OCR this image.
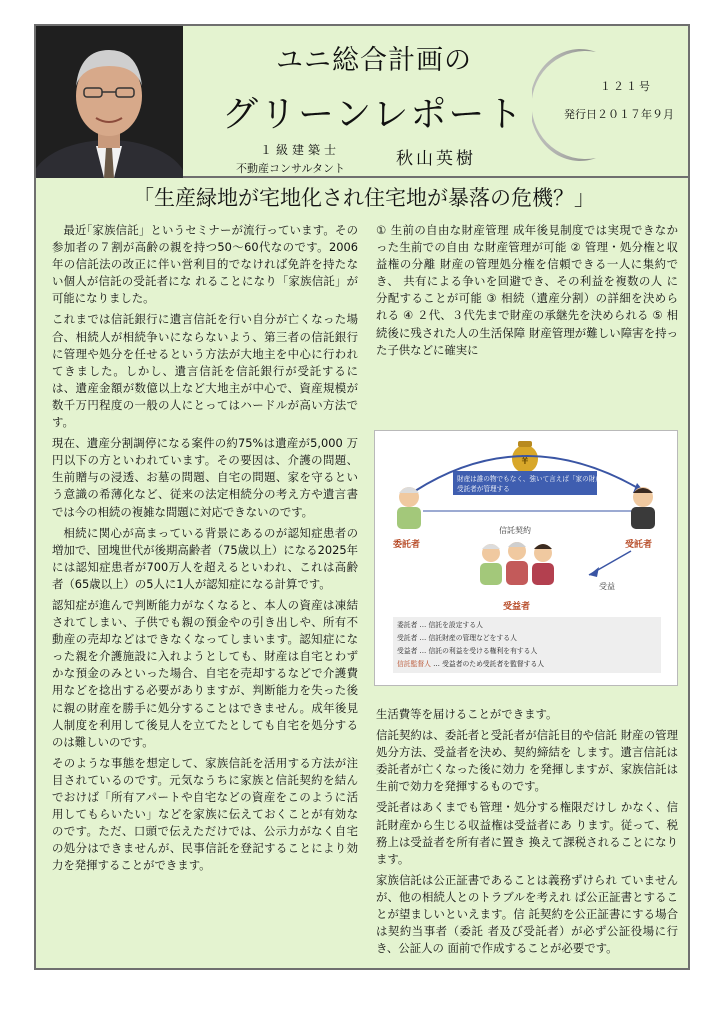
ユニ総合計画の
グリーンレポート
１級建築士
不動産コンサルタント	秋山英樹
１２１号
発行日２０１７年９月
「生産緑地が宅地化され住宅地が暴落の危機？」

最近｢家族信託」というセミナーが流行っています。その参加者の７割が高齢の親を持つ50～60代なのです。2006年の信託法の改正に伴い営利目的でなければ免許を持たない個人が信託の受託者にな れることになり「家族信託」が可能になりました。

これまでは信託銀行に遺言信託を行い自分が亡くなった場合、相続人が相続争いにならないよう、第三者の信託銀行に管理や処分を任せるという方法が大地主を中心に行われてきました。しかし、遺言信託を信託銀行が受託するには、遺産金額が数億以上など大地主が中心で、資産規模が数千万円程度の一般の人にとってはハードルが高い方法です。

現在、遺産分割調停になる案件の約75%は遺産が5,000 万円以下の方といわれています。その要因は、介護の問題、生前贈与の浸透、お墓の問題、自宅の問題、家を守るという意識の希薄化など、従来の法定相続分の考え方や遺言書では今の相続の複雑な問題に対応できないのです。

相続に関心が高まっている背景にあるのが認知症患者の増加で、団塊世代が後期高齢者（75歳以上）になる2025年には認知症患者が700万人を超えるといわれ、これは高齢者（65歳以上）の5人に1人が認知症になる計算です。

認知症が進んで判断能力がなくなると、本人の資産は凍結されてしまい、子供でも親の預金やの引き出しや、所有不動産の売却などはできなくなってしまいます。認知症になった親を介護施設に入れようとしても、財産は自宅とわずかな預金のみといった場合、自宅を売却するなどで介護費用などを捻出する必要がありますが、判断能力を失った後に親の財産を勝手に処分することはできません。成年後見人制度を利用して後見人を立てたとしても自宅を処分するのは難しいのです。

そのような事態を想定して、家族信託を活用する方法が注目されているのです。元気なうちに家族と信託契約を結んでおけば「所有アパートや自宅などの資産をこのように活用してもらいたい」などを家族に伝えておくことが有効なのです。ただ、口頭で伝えただけでは、公示力がなく自宅の処分はできませんが、民事信託を登記することにより効力を発揮することができます。

① 生前の自由な財産管理 成年後見制度では実現できなかった生前での自由 な財産管理が可能 ② 管理・処分権と収益権の分離 財産の管理処分権を信頼できる一人に集約でき、 共有による争いを回避でき、その利益を複数の人 に分配することが可能 ③ 相続（遺産分割）の詳細を決められる ④ ２代、３代先まで財産の承継先を決められる ⑤ 相続後に残された人の生活保障 財産管理が難しい障害を持った子供などに確実に

¥
財産は誰の物でもなく、強いて言えば「家の財産」
受託者が管理する
委託者
信託契約
受託者
受益
受益者
委託者 … 信託を設定する人
受託者 … 信託財産の管理などをする人
受益者 … 信託の利益を受ける権利を有する人
信託監督人 … 受益者のため受託者を監督する人

生活費等を届けることができます。

信託契約は、委託者と受託者が信託目的や信託 財産の管理処分方法、受益者を決め、契約締結を します。遺言信託は委託者が亡くなった後に効力 を発揮しますが、家族信託は生前で効力を発揮するものです。

受託者はあくまでも管理・処分する権限だけし かなく、信託財産から生じる収益権は受益者にあ ります。従って、税務上は受益者を所有者に置き 換えて課税されることになります。

家族信託は公正証書であることは義務ずけられ ていませんが、他の相続人とのトラブルを考えれ ば公正証書とすることが望ましいといえます。信 託契約を公正証書にする場合は契約当事者（委託 者及び受託者）が必ず公証役場に行き、公証人の 面前で作成することが必要です。
